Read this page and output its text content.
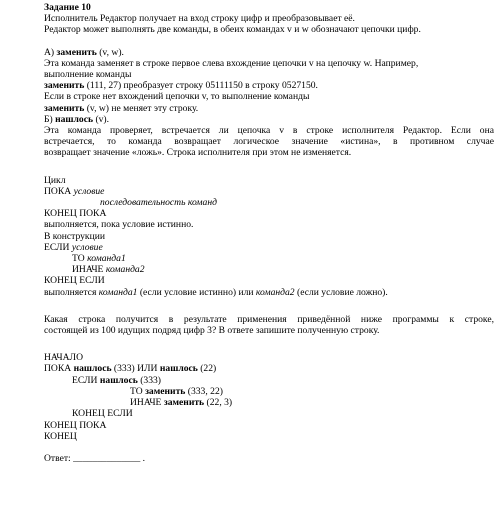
Задание 10
Исполнитель Редактор получает на вход строку цифр и преобразовывает её.
Редактор может выполнять две команды, в обеих командах v и w обозначают цепочки цифр.
А) заменить (v, w).
Эта команда заменяет в строке первое слева вхождение цепочки v на цепочку w. Например,
выполнение команды
заменить (111, 27) преобразует строку 05111150 в строку 0527150.
Если в строке нет вхождений цепочки v, то выполнение команды
заменить (v, w) не меняет эту строку.
Б) нашлось (v).
Эта команда проверяет, встречается ли цепочка v в строке исполнителя Редактор. Если она
встречается, то команда возвращает логическое значение «истина», в противном случае
возвращает значение «ложь». Строка исполнителя при этом не изменяется.
Цикл
ПОКА условие
последовательность команд
КОНЕЦ ПОКА
выполняется, пока условие истинно.
В конструкции
ЕСЛИ условие
ТО команда1
ИНАЧЕ команда2
КОНЕЦ ЕСЛИ
выполняется команда1 (если условие истинно) или команда2 (если условие ложно).
Какая строка получится в результате применения приведённой ниже программы к строке,
состоящей из 100 идущих подряд цифр 3? В ответе запишите полученную строку.
НАЧАЛО
ПОКА нашлось (333) ИЛИ нашлось (22)
ЕСЛИ нашлось (333)
ТО заменить (333, 22)
ИНАЧЕ заменить (22, 3)
КОНЕЦ ЕСЛИ
КОНЕЦ ПОКА
КОНЕЦ
Ответ: ______________ .
